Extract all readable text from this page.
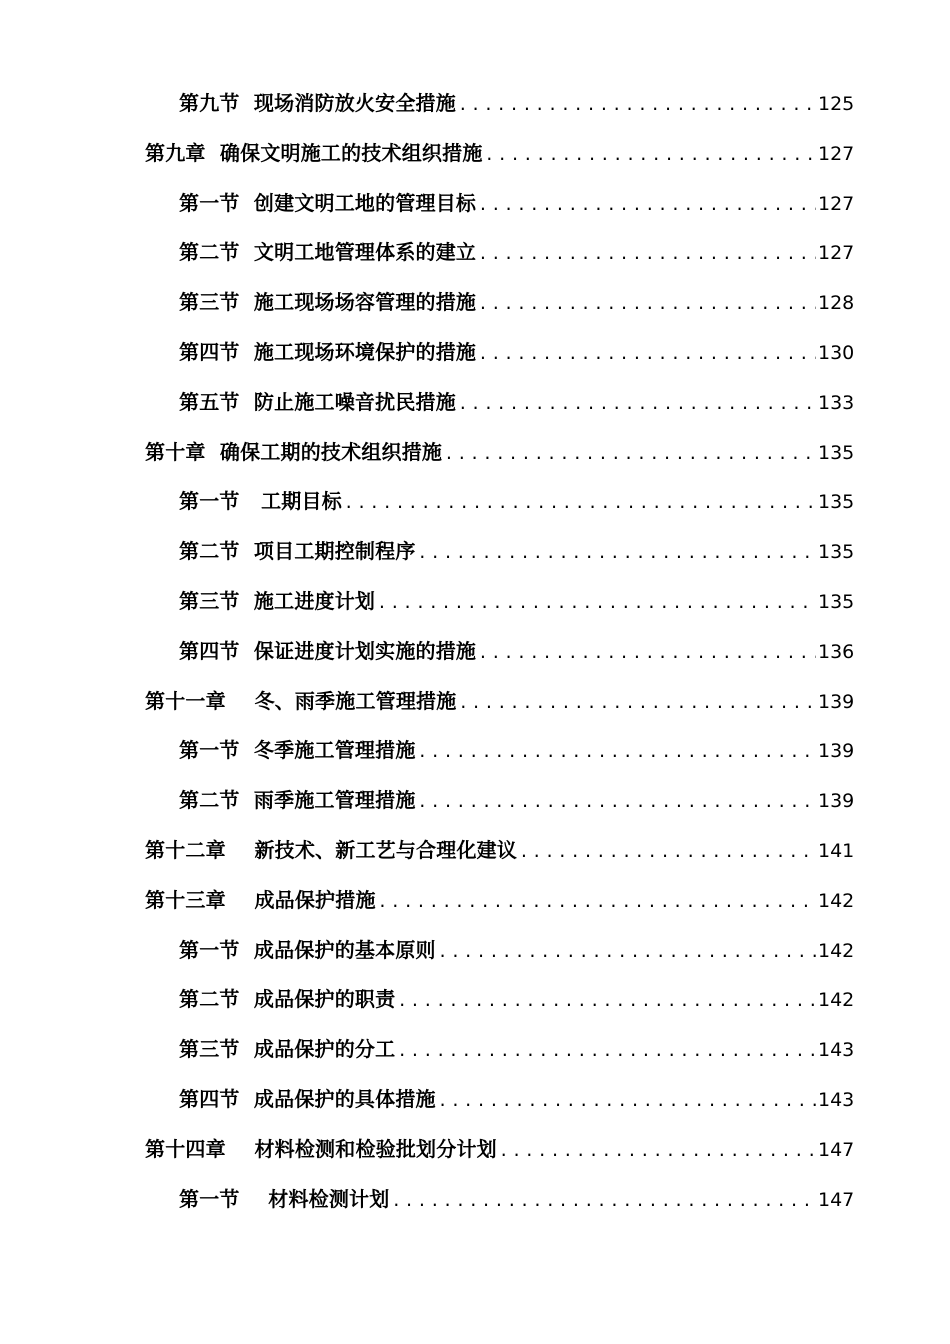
第九节  现场消防放火安全措施 .....	125
第九章  确保文明施工的技术组织措施 .....	127
第一节  创建文明工地的管理目标 .....	127
第二节  文明工地管理体系的建立 .....	127
第三节  施工现场场容管理的措施 .....	128
第四节  施工现场环境保护的措施 .....	130
第五节  防止施工噪音扰民措施 .....	133
第十章  确保工期的技术组织措施 .....	135
第一节   工期目标 .....	135
第二节  项目工期控制程序 .....	135
第三节  施工进度计划 .....	135
第四节  保证进度计划实施的措施 .....	136
第十一章    冬、雨季施工管理措施 .....	139
第一节  冬季施工管理措施 .....	139
第二节  雨季施工管理措施 .....	139
第十二章    新技术、新工艺与合理化建议 .....	141
第十三章    成品保护措施 .....	142
第一节  成品保护的基本原则 .....	142
第二节  成品保护的职责 .....	142
第三节  成品保护的分工 .....	143
第四节  成品保护的具体措施 .....	143
第十四章    材料检测和检验批划分计划 .....	147
第一节    材料检测计划 .....	147
